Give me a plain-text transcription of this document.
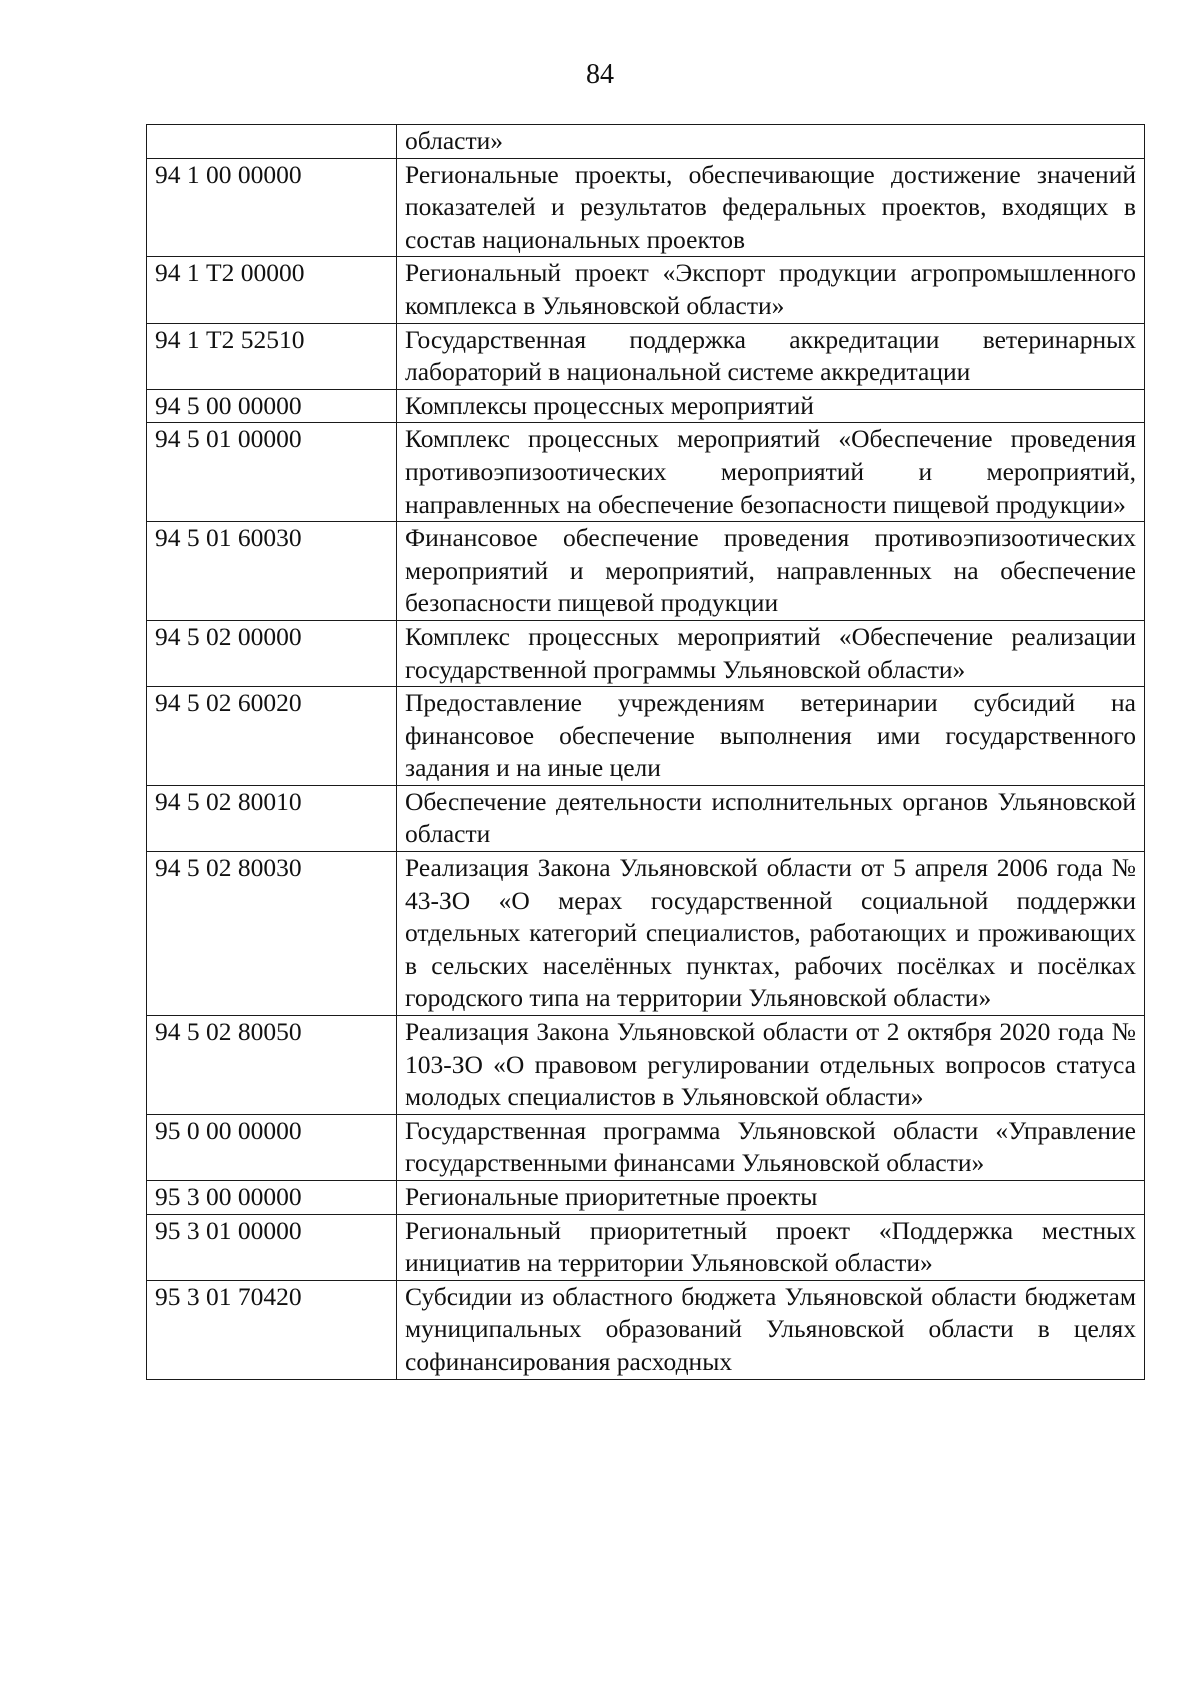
84
	области»
94 1 00 00000	Региональные проекты, обеспечивающие достижение значений показателей и результатов федеральных проектов, входящих в состав национальных проектов
94 1 Т2 00000	Региональный проект «Экспорт продукции агропромышленного комплекса в Ульяновской области»
94 1 Т2 52510	Государственная поддержка аккредитации ветеринарных лабораторий в национальной системе аккредитации
94 5 00 00000	Комплексы процессных мероприятий
94 5 01 00000	Комплекс процессных мероприятий «Обеспечение проведения противоэпизоотических мероприятий и мероприятий, направленных на обеспечение безопасности пищевой продукции»
94 5 01 60030	Финансовое обеспечение проведения противоэпизоотических мероприятий и мероприятий, направленных на обеспечение безопасности пищевой продукции
94 5 02 00000	Комплекс процессных мероприятий «Обеспечение реализации государственной программы Ульяновской области»
94 5 02 60020	Предоставление учреждениям ветеринарии субсидий на финансовое обеспечение выполнения ими государственного задания и на иные цели
94 5 02 80010	Обеспечение деятельности исполнительных органов Ульяновской области
94 5 02 80030	Реализация Закона Ульяновской области от 5 апреля 2006 года № 43-ЗО «О мерах государственной социальной поддержки отдельных категорий специалистов, работающих и проживающих в сельских населённых пунктах, рабочих посёлках и посёлках городского типа на территории Ульяновской области»
94 5 02 80050	Реализация Закона Ульяновской области от 2 октября 2020 года № 103-ЗО «О правовом регулировании отдельных вопросов статуса молодых специалистов в Ульяновской области»
95 0 00 00000	Государственная программа Ульяновской области «Управление государственными финансами Ульяновской области»
95 3 00 00000	Региональные приоритетные проекты
95 3 01 00000	Региональный приоритетный проект «Поддержка местных инициатив на территории Ульяновской области»
95 3 01 70420	Субсидии из областного бюджета Ульяновской области бюджетам муниципальных образований Ульяновской области в целях софинансирования расходных
